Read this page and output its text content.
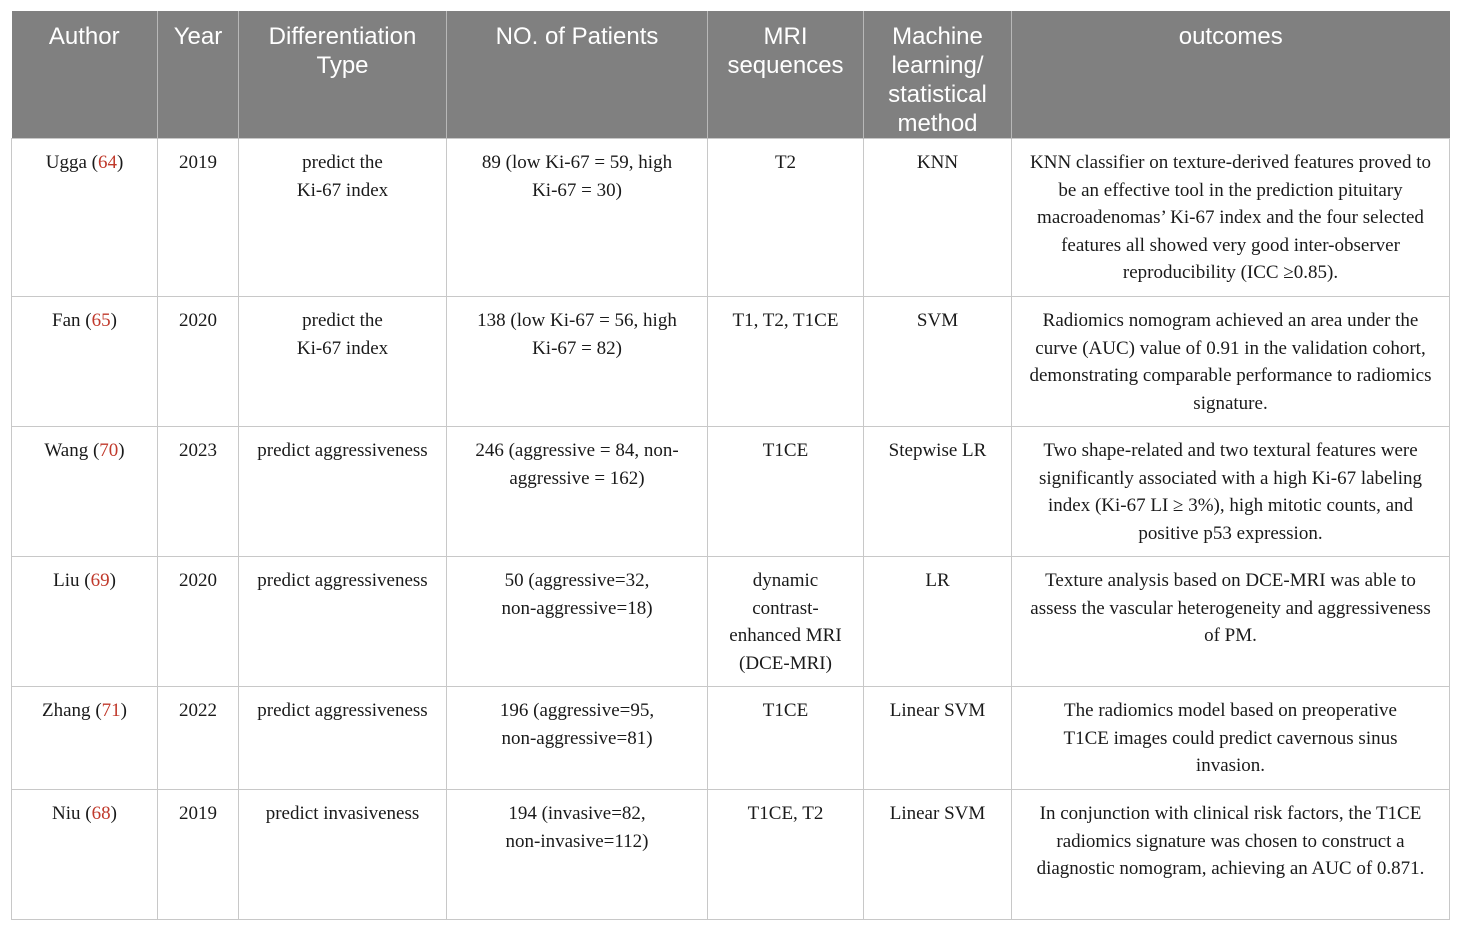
Author	Year	Differentiation Type	NO. of Patients	MRI sequences	Machine learning/ statistical method	outcomes
Ugga (64)	2019	predict the Ki-67 index	89 (low Ki-67 = 59, high Ki-67 = 30)	T2	KNN	KNN classifier on texture-derived features proved to be an effective tool in the prediction pituitary macroadenomas’ Ki-67 index and the four selected features all showed very good inter-observer reproducibility (ICC ≥0.85).
Fan (65)	2020	predict the Ki-67 index	138 (low Ki-67 = 56, high Ki-67 = 82)	T1, T2, T1CE	SVM	Radiomics nomogram achieved an area under the curve (AUC) value of 0.91 in the validation cohort, demonstrating comparable performance to radiomics signature.
Wang (70)	2023	predict aggressiveness	246 (aggressive = 84, non-aggressive = 162)	T1CE	Stepwise LR	Two shape-related and two textural features were significantly associated with a high Ki-67 labeling index (Ki-67 LI ≥ 3%), high mitotic counts, and positive p53 expression.
Liu (69)	2020	predict aggressiveness	50 (aggressive=32, non-aggressive=18)	dynamic contrast-enhanced MRI (DCE-MRI)	LR	Texture analysis based on DCE-MRI was able to assess the vascular heterogeneity and aggressiveness of PM.
Zhang (71)	2022	predict aggressiveness	196 (aggressive=95, non-aggressive=81)	T1CE	Linear SVM	The radiomics model based on preoperative T1CE images could predict cavernous sinus invasion.
Niu (68)	2019	predict invasiveness	194 (invasive=82, non-invasive=112)	T1CE, T2	Linear SVM	In conjunction with clinical risk factors, the T1CE radiomics signature was chosen to construct a diagnostic nomogram, achieving an AUC of 0.871.
